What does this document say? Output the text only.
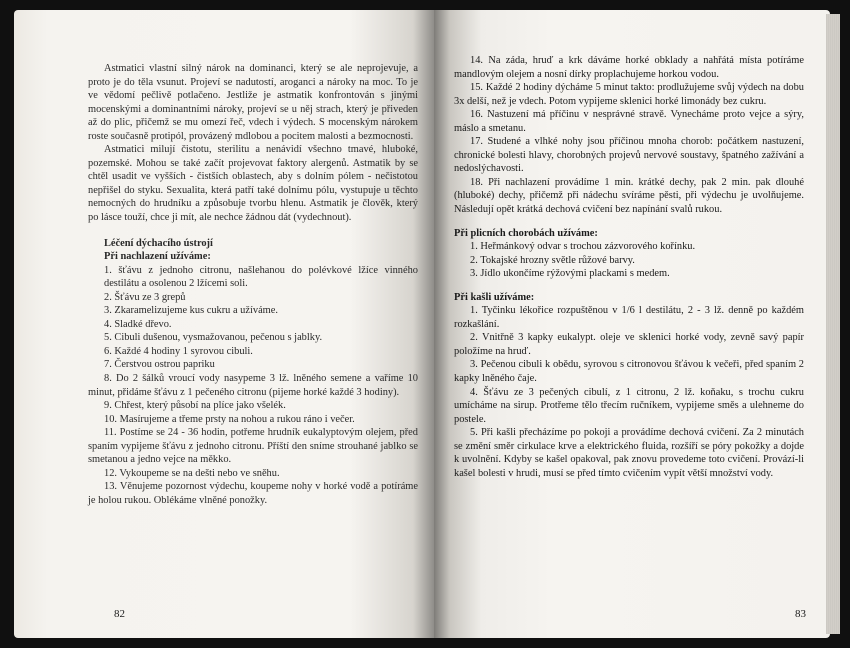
Astmatici vlastní silný nárok na dominanci, který se ale neprojevuje, a proto je do těla vsunut. Projeví se nadutostí, aroganci a nároky na moc. To je ve vědomí pečlivě potlačeno. Jestliže je astmatik konfrontován s jinými mocenskými a dominantními nároky, projeví se u něj strach, který je přiveden až do plic, přičemž se mu omezí řeč, vdech i výdech. S mocenským nárokem roste současně protipól, provázený mdlobou a pocitem malosti a bezmocnosti.

Astmatici milují čistotu, sterilitu a nenávidí všechno tmavé, hluboké, pozemské. Mohou se také začít projevovat faktory alergenů. Astmatik by se chtěl usadit ve vyšších - čistších oblastech, aby s dolním pólem - nečistotou nepřišel do styku. Sexualita, která patří také dolnímu pólu, vystupuje u těchto nemocných do hrudníku a způsobuje tvorbu hlenu. Astmatik je člověk, který po lásce touží, chce ji mít, ale nechce žádnou dát (vydechnout).

Léčení dýchacího ústrojí

Při nachlazení užíváme:

1. šťávu z jednoho citronu, našlehanou do polévkové lžíce vinného destilátu a osolenou 2 lžícemi soli.

2. Šťávu ze 3 grepů

3. Zkaramelizujeme kus cukru a užíváme.

4. Sladké dřevo.

5. Cibuli dušenou, vysmažovanou, pečenou s jablky.

6. Každé 4 hodiny 1 syrovou cibuli.

7. Čerstvou ostrou papriku

8. Do 2 šálků vroucí vody nasypeme 3 lž. lněného semene a vaříme 10 minut, přidáme šťávu z 1 pečeného citronu (pijeme horké každé 3 hodiny).

9. Chřest, který působí na plíce jako všelék.

10. Masírujeme a třeme prsty na nohou a rukou ráno i večer.

11. Postíme se 24 - 36 hodin, potřeme hrudník eukalyptovým olejem, před spaním vypijeme šťávu z jednoho citronu. Příští den sníme strouhané jablko se smetanou a jedno vejce na měkko.

12. Vykoupeme se na dešti nebo ve sněhu.

13. Věnujeme pozornost výdechu, koupeme nohy v horké vodě a potíráme je holou rukou. Oblékáme vlněné ponožky.

82

14. Na záda, hruď a krk dáváme horké obklady a nahřátá místa potíráme mandlovým olejem a nosní dírky proplachujeme horkou vodou.

15. Každé 2 hodiny dýcháme 5 minut takto: prodlužujeme svůj výdech na dobu 3x delší, než je vdech. Potom vypijeme sklenici horké limonády bez cukru.

16. Nastuzení má příčinu v nesprávné stravě. Vynecháme proto vejce a sýry, máslo a smetanu.

17. Studené a vlhké nohy jsou příčinou mnoha chorob: počátkem nastuzení, chronické bolesti hlavy, chorobných projevů nervové soustavy, špatného zažívání a nedoslýchavosti.

18. Při nachlazení provádíme 1 min. krátké dechy, pak 2 min. pak dlouhé (hluboké) dechy, přičemž při nádechu svíráme pěsti, při výdechu je uvolňujeme. Následují opět krátká dechová cvičení bez napínání svalů rukou.

Při plicních chorobách užíváme:

1. Heřmánkový odvar s trochou zázvorového kořínku.

2. Tokajské hrozny světle růžové barvy.

3. Jídlo ukončíme rýžovými plackami s medem.

Při kašli užíváme:

1. Tyčinku lékořice rozpuštěnou v 1/6 l destilátu, 2 - 3 lž. denně po každém rozkašlání.

2. Vnitřně 3 kapky eukalypt. oleje ve sklenici horké vody, zevně savý papír položíme na hruď.

3. Pečenou cibuli k obědu, syrovou s citronovou šťávou k večeři, před spaním 2 kapky lněného čaje.

4. Šťávu ze 3 pečených cibulí, z 1 citronu, 2 lž. koňaku, s trochu cukru umícháme na sirup. Protřeme tělo třecím ručníkem, vypijeme směs a ulehneme do postele.

5. Při kašli přecházíme po pokoji a provádíme dechová cvičení. Za 2 minutách se změní směr cirkulace krve a elektrického fluida, rozšíří se póry pokožky a dojde k uvolnění. Kdyby se kašel opakoval, pak znovu provedeme toto cvičení. Provází-li kašel bolesti v hrudi, musí se před tímto cvičením vypít větší množství vody.

83
